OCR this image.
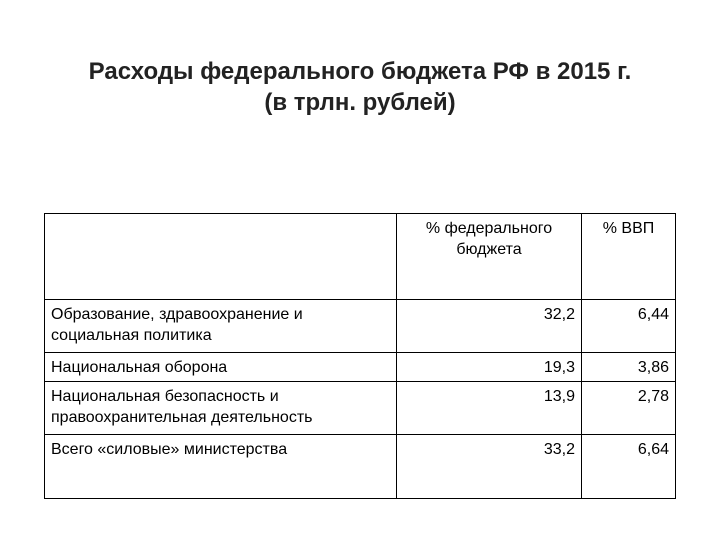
Расходы федерального бюджета РФ в 2015 г.
(в трлн. рублей)
	% федерального бюджета	% ВВП
Образование, здравоохранение и социальная политика	32,2	6,44
Национальная оборона	19,3	3,86
Национальная безопасность и правоохранительная деятельность	13,9	2,78
Всего «силовые» министерства	33,2	6,64
